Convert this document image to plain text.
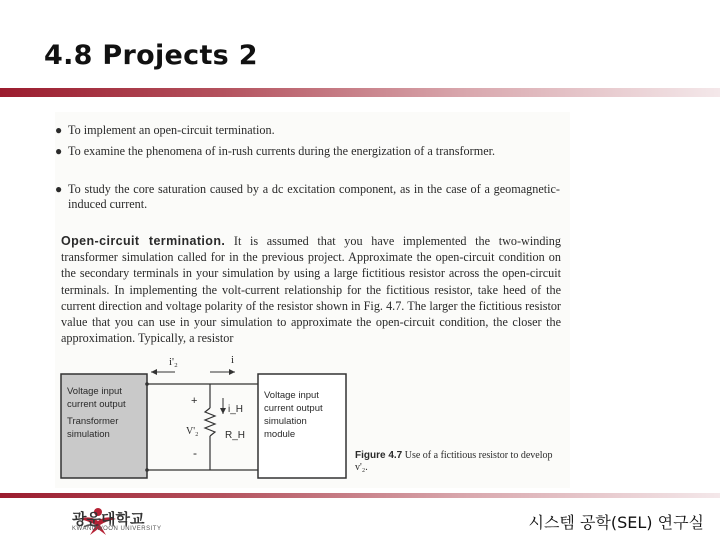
4.8 Projects 2
● To implement an open-circuit termination.
● To examine the phenomena of in-rush currents during the energization of a transformer.
● To study the core saturation caused by a dc excitation component, as in the case of a geomagnetic-induced current.
Open-circuit termination. It is assumed that you have implemented the two-winding transformer simulation called for in the previous project. Approximate the open-circuit condition on the secondary terminals in your simulation by using a large fictitious resistor across the open-circuit terminals. In implementing the volt-current relationship for the fictitious resistor, take heed of the current direction and voltage polarity of the resistor shown in Fig. 4.7. The larger the fictitious resistor value that you can use in your simulation to approximate the open-circuit condition, the closer the approximation. Typically, a resistor
i'₂	i
+
-
V'₂
i_H
R_H
Voltage input
current output
Transformer
simulation
Voltage input
current output
simulation
module
Figure 4.7 Use of a fictitious resistor to develop v'₂.
광운대학교
KWANGWOON UNIVERSITY	시스템 공학(SEL) 연구실
